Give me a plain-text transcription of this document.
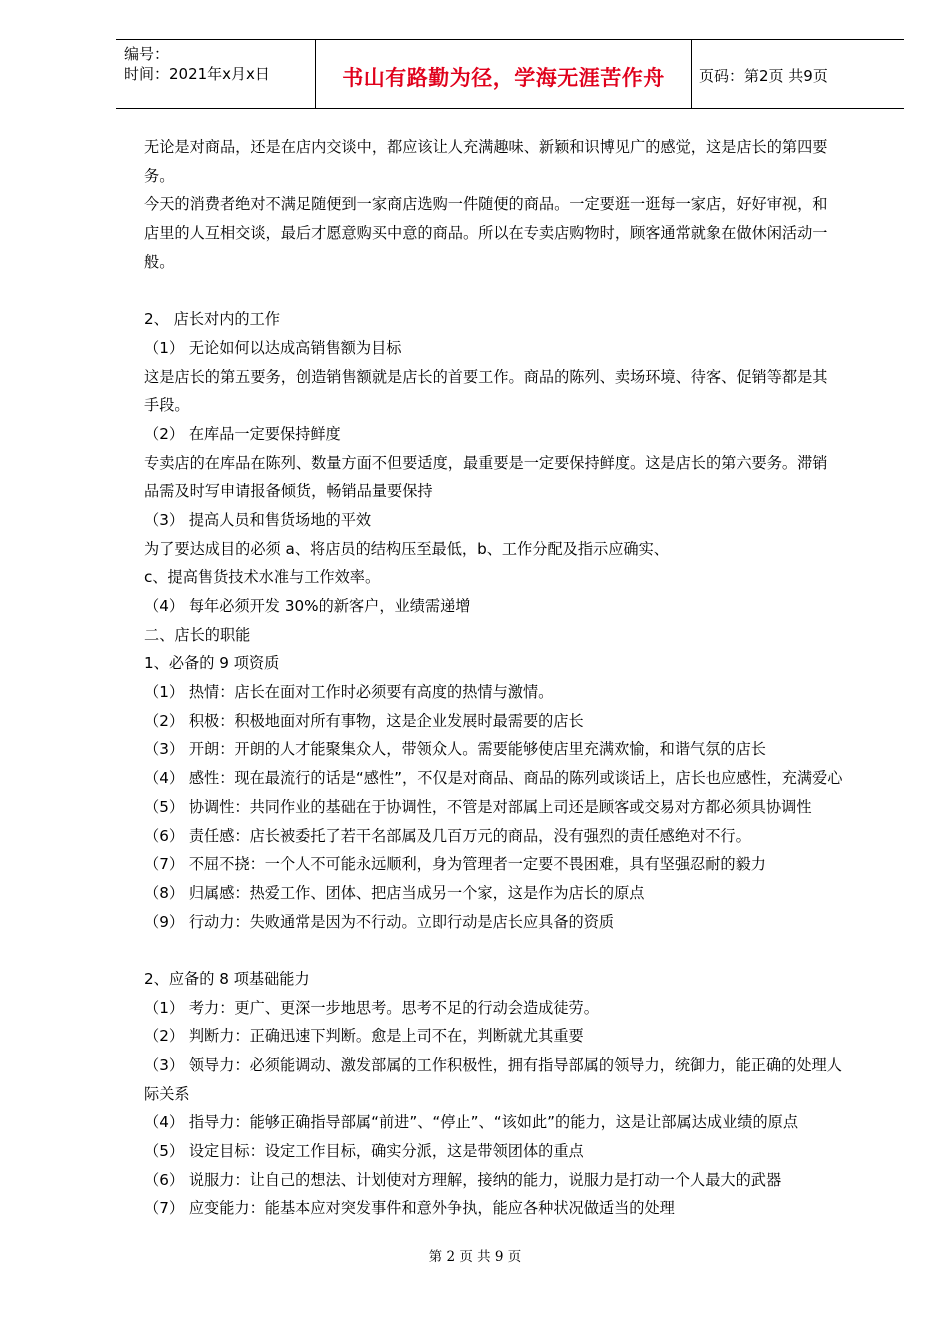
编号：
时间：2021年x月x日	书山有路勤为径，学海无涯苦作舟	页码：第2页 共9页
无论是对商品，还是在店内交谈中，都应该让人充满趣味、新颖和识博见广的感觉，这是店长的第四要
务。
今天的消费者绝对不满足随便到一家商店选购一件随便的商品。一定要逛一逛每一家店，好好审视，和
店里的人互相交谈，最后才愿意购买中意的商品。所以在专卖店购物时，顾客通常就象在做休闲活动一
般。
2、 店长对内的工作
（1） 无论如何以达成高销售额为目标
这是店长的第五要务，创造销售额就是店长的首要工作。商品的陈列、卖场环境、待客、促销等都是其
手段。
（2） 在库品一定要保持鲜度
专卖店的在库品在陈列、数量方面不但要适度，最重要是一定要保持鲜度。这是店长的第六要务。滞销
品需及时写申请报备倾货，畅销品量要保持
（3） 提高人员和售货场地的平效
为了要达成目的必须 a、将店员的结构压至最低，b、工作分配及指示应确实、
c、提高售货技术水准与工作效率。
（4） 每年必须开发 30%的新客户，业绩需递增
二、店长的职能
1、必备的 9 项资质
（1） 热情：店长在面对工作时必须要有高度的热情与激情。
（2） 积极：积极地面对所有事物，这是企业发展时最需要的店长
（3） 开朗：开朗的人才能聚集众人，带领众人。需要能够使店里充满欢愉，和谐气氛的店长
（4） 感性：现在最流行的话是“感性”，不仅是对商品、商品的陈列或谈话上，店长也应感性，充满爱心
（5） 协调性：共同作业的基础在于协调性，不管是对部属上司还是顾客或交易对方都必须具协调性
（6） 责任感：店长被委托了若干名部属及几百万元的商品，没有强烈的责任感绝对不行。
（7） 不屈不挠：一个人不可能永远顺利，身为管理者一定要不畏困难，具有坚强忍耐的毅力
（8） 归属感：热爱工作、团体、把店当成另一个家，这是作为店长的原点
（9） 行动力：失败通常是因为不行动。立即行动是店长应具备的资质
2、应备的 8 项基础能力
（1） 考力：更广、更深一步地思考。思考不足的行动会造成徒劳。
（2） 判断力：正确迅速下判断。愈是上司不在，判断就尤其重要
（3） 领导力：必须能调动、激发部属的工作积极性，拥有指导部属的领导力，统御力，能正确的处理人
际关系
（4） 指导力：能够正确指导部属“前进”、“停止”、“该如此”的能力，这是让部属达成业绩的原点
（5） 设定目标：设定工作目标，确实分派，这是带领团体的重点
（6） 说服力：让自己的想法、计划使对方理解，接纳的能力，说服力是打动一个人最大的武器
（7） 应变能力：能基本应对突发事件和意外争执，能应各种状况做适当的处理
第 2 页 共 9 页
